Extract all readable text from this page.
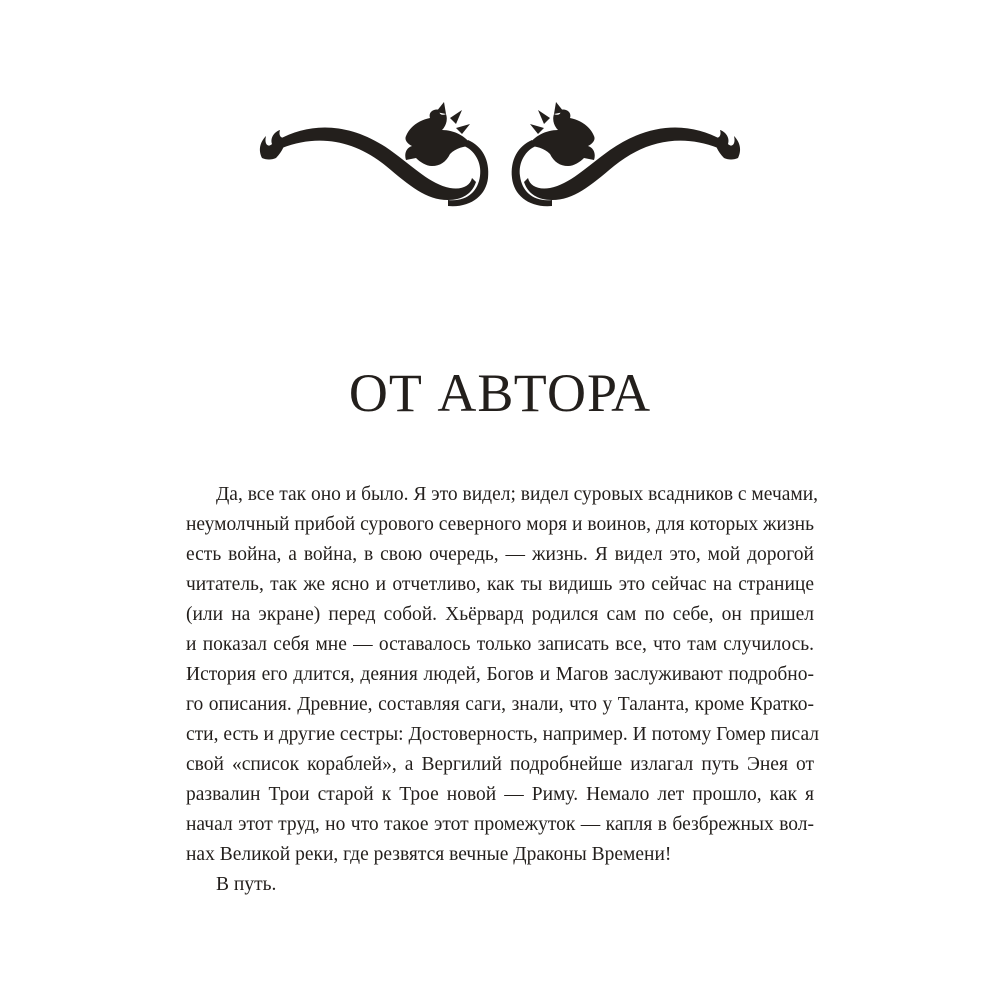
ОТ АВТОРА
Да, все так оно и было. Я это видел; видел суровых всадников с мечами,
неумолчный прибой сурового северного моря и воинов, для которых жизнь
есть война, а война, в свою очередь, — жизнь. Я видел это, мой дорогой
читатель, так же ясно и отчетливо, как ты видишь это сейчас на странице
(или на экране) перед собой. Хьёрвард родился сам по себе, он пришел
и показал себя мне — оставалось только записать все, что там случилось.
История его длится, деяния людей, Богов и Магов заслуживают подробно-
го описания. Древние, составляя саги, знали, что у Таланта, кроме Кратко-
сти, есть и другие сестры: Достоверность, например. И потому Гомер писал
свой «список кораблей», а Вергилий подробнейше излагал путь Энея от
развалин Трои старой к Трое новой — Риму. Немало лет прошло, как я
начал этот труд, но что такое этот промежуток — капля в безбрежных вол-
нах Великой реки, где резвятся вечные Драконы Времени!
В путь.
